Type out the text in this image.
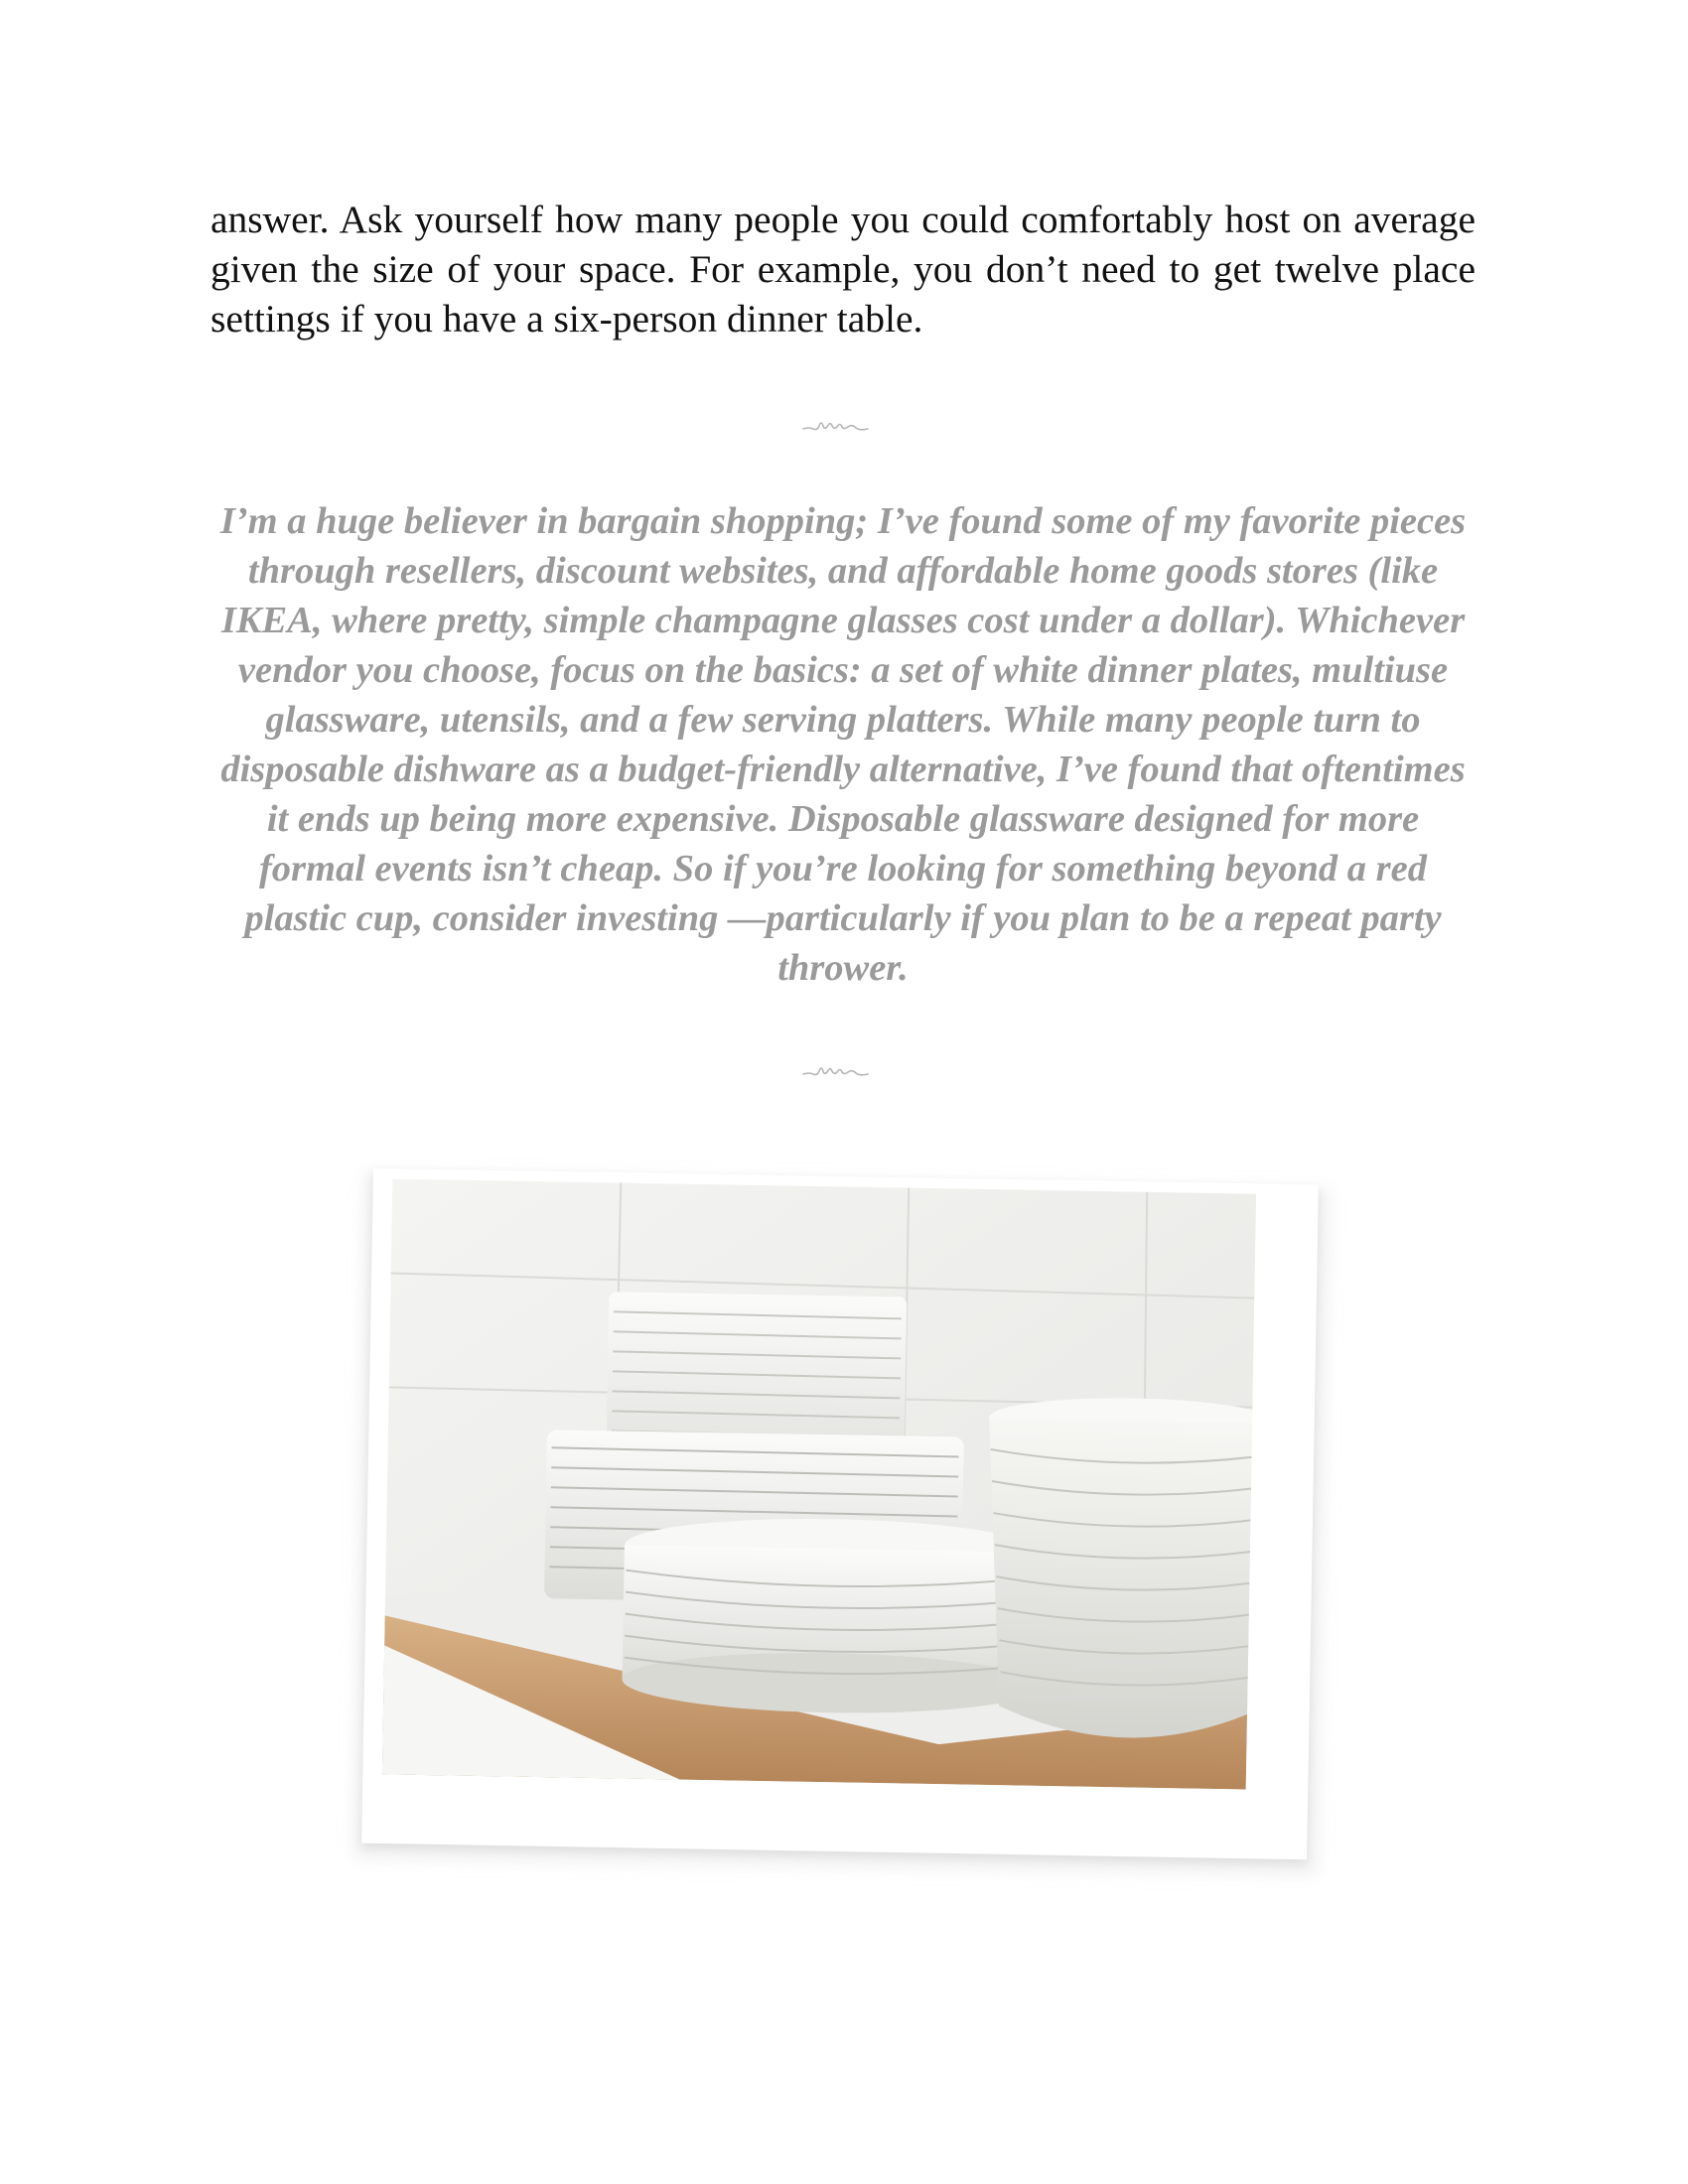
answer. Ask yourself how many people you could comfortably host on average given the size of your space. For example, you don’t need to get twelve place settings if you have a six-person dinner table.

I’m a huge believer in bargain shopping; I’ve found some of my favorite pieces through resellers, discount websites, and affordable home goods stores (like IKEA, where pretty, simple champagne glasses cost under a dollar). Whichever vendor you choose, focus on the basics: a set of white dinner plates, multiuse glassware, utensils, and a few serving platters. While many people turn to disposable dishware as a budget-friendly alternative, I’ve found that oftentimes it ends up being more expensive. Disposable glassware designed for more formal events isn’t cheap. So if you’re looking for something beyond a red plastic cup, consider investing —particularly if you plan to be a repeat party thrower.
